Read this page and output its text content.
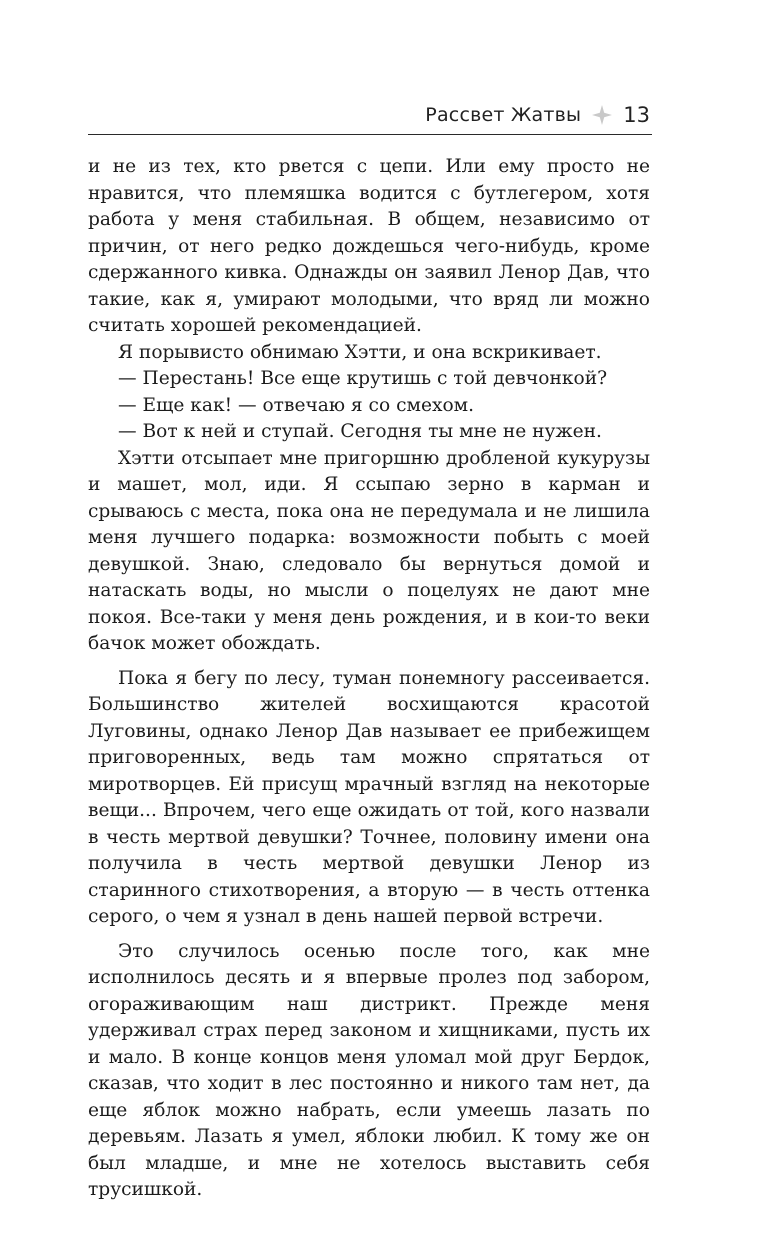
Рассвет Жатвы 13

и не из тех, кто рвется с цепи. Или ему просто не нравится, что племяшка водится с бутлегером, хотя работа у меня стабильная. В общем, независимо от причин, от него редко дождешься чего-нибудь, кроме сдержанного кивка. Однажды он заявил Ленор Дав, что такие, как я, умирают молодыми, что вряд ли можно считать хорошей рекомендацией.

Я порывисто обнимаю Хэтти, и она вскрикивает.

— Перестань! Все еще крутишь с той девчонкой?

— Еще как! — отвечаю я со смехом.

— Вот к ней и ступай. Сегодня ты мне не нужен.

Хэтти отсыпает мне пригоршню дробленой кукурузы и машет, мол, иди. Я ссыпаю зерно в карман и срываюсь с места, пока она не передумала и не лишила меня лучшего подарка: возможности побыть с моей девушкой. Знаю, следовало бы вернуться домой и натаскать воды, но мысли о поцелуях не дают мне покоя. Все-таки у меня день рождения, и в кои-то веки бачок может обождать.

Пока я бегу по лесу, туман понемногу рассеивается. Большинство жителей восхищаются красотой Луговины, однако Ленор Дав называет ее прибежищем приговоренных, ведь там можно спрятаться от миротворцев. Ей присущ мрачный взгляд на некоторые вещи... Впрочем, чего еще ожидать от той, кого назвали в честь мертвой девушки? Точнее, половину имени она получила в честь мертвой девушки Ленор из старинного стихотворения, а вторую — в честь оттенка серого, о чем я узнал в день нашей первой встречи.

Это случилось осенью после того, как мне исполнилось десять и я впервые пролез под забором, огораживающим наш дистрикт. Прежде меня удерживал страх перед законом и хищниками, пусть их и мало. В конце концов меня уломал мой друг Бердок, сказав, что ходит в лес постоянно и никого там нет, да еще яблок можно набрать, если умеешь лазать по деревьям. Лазать я умел, яблоки любил. К тому же он был младше, и мне не хотелось выставить себя трусишкой.
